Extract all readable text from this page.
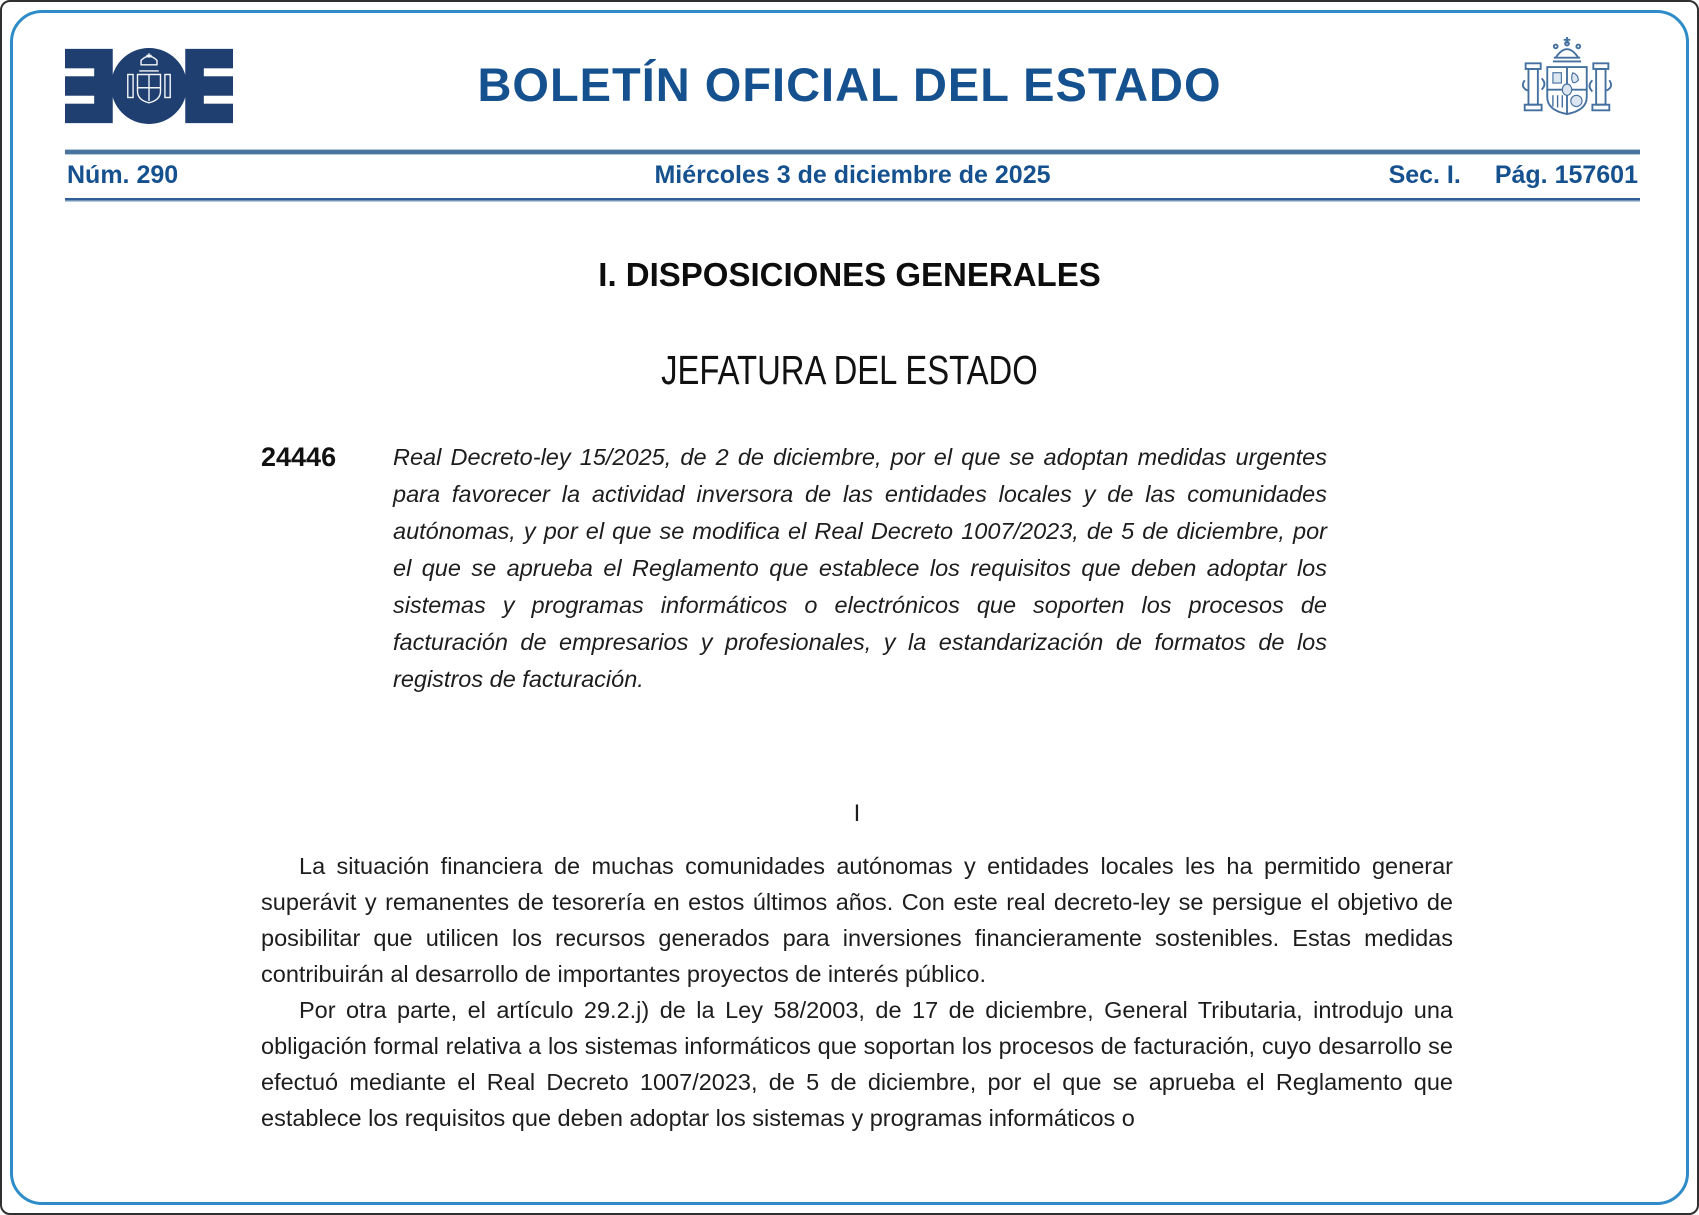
BOLETÍN OFICIAL DEL ESTADO
Núm. 290	Miércoles 3 de diciembre de 2025	Sec. I. Pág. 157601
I. DISPOSICIONES GENERALES
JEFATURA DEL ESTADO
24446	Real Decreto-ley 15/2025, de 2 de diciembre, por el que se adoptan medidas urgentes para favorecer la actividad inversora de las entidades locales y de las comunidades autónomas, y por el que se modifica el Real Decreto 1007/2023, de 5 de diciembre, por el que se aprueba el Reglamento que establece los requisitos que deben adoptar los sistemas y programas informáticos o electrónicos que soporten los procesos de facturación de empresarios y profesionales, y la estandarización de formatos de los registros de facturación.
I

La situación financiera de muchas comunidades autónomas y entidades locales les ha permitido generar superávit y remanentes de tesorería en estos últimos años. Con este real decreto-ley se persigue el objetivo de posibilitar que utilicen los recursos generados para inversiones financieramente sostenibles. Estas medidas contribuirán al desarrollo de importantes proyectos de interés público.

Por otra parte, el artículo 29.2.j) de la Ley 58/2003, de 17 de diciembre, General Tributaria, introdujo una obligación formal relativa a los sistemas informáticos que soportan los procesos de facturación, cuyo desarrollo se efectuó mediante el Real Decreto 1007/2023, de 5 de diciembre, por el que se aprueba el Reglamento que establece los requisitos que deben adoptar los sistemas y programas informáticos o
